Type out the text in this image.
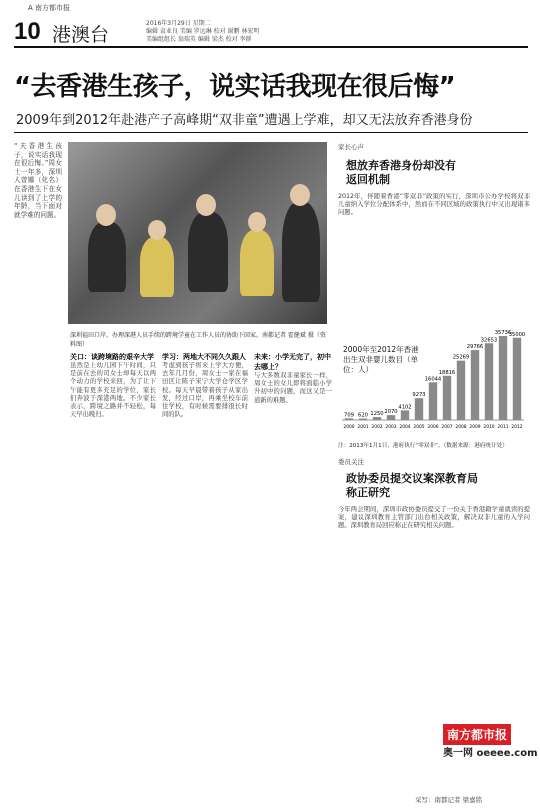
A 南方都市报
10 港澳台
2016年3月29日 星期二
编辑 袁业良 美编 罗远琳 校对 谢鹏 林宏明
美编组组长 翁瑞英 编辑 梁杰 校对 李群
“去香港生孩子，说实话我现在很后悔”
2009年到2012年赴港产子高峰期“双非童”遭遇上学难，却又无法放弃香港身份
“夫香港生孩子，说实话我现在很后悔。”周女士一年多，深圳人曾娜（化名）在香港生下在女儿读到了上学的年龄，当下面对就学难的问题。
深圳福田口岸，办理深港人员手续的跨境学童在工作人员的协助下回家。南都记者 霍健斌 摄（资料图）
关口：谈跨境路的艰辛大学
虽然是上幼儿园下午时间，只是前在去的司女士却每天以两个动力的学校来回，为了让下午能有更多充足的学位，家长们奔波于深港两地。不少家长表示，跨境之路并不轻松，每天早出晚归。
学习：两地大不同久久跟人
考虑到孩子将来上学大方便，去年几月份，周女士一家在福田区让陈子宋宁大学仓学区学校。每天早晨带着孩子从家出发，经过口岸，再乘坐校车前往学校，有时候需要排很长时间的队。
未来：小学无完了，初中去哪上？
与大多数双非童家长一样，周女士的女儿即将面临小学升初中的问题，而这又是一道新的难题。
家长心声
想放弃香港身份却没有返回机制
2012年，伴随着香港“零双非”政策的实行，深圳市公办学校将双非儿童纳入学位分配体系中，然而在不同区域的政策执行中又出现诸多问题。
2000年至2012年香港出生双非婴儿数目（单位：人）
709
2000
620
2001
1250
2002
2070
2003
4102
2004
9273
2005
16044
2006
18816
2007
25269
2008
29766
2009
32653
2010
35736
2011
35000
2012
注：2013年1月1日，港府执行“零双非”。（数据来源：港府统计处）
委员关注
政协委员提交议案深教育局称正研究
今年两会期间，深圳市政协委员提交了一份关于香港籍学童就读的提案，建议深圳教育主管部门出台相关政策，解决双非儿童的入学问题。深圳教育局回应称正在研究相关问题。
南方都市报
奥一网 oeeee.com
采写：南都记者 梁嘉铭
